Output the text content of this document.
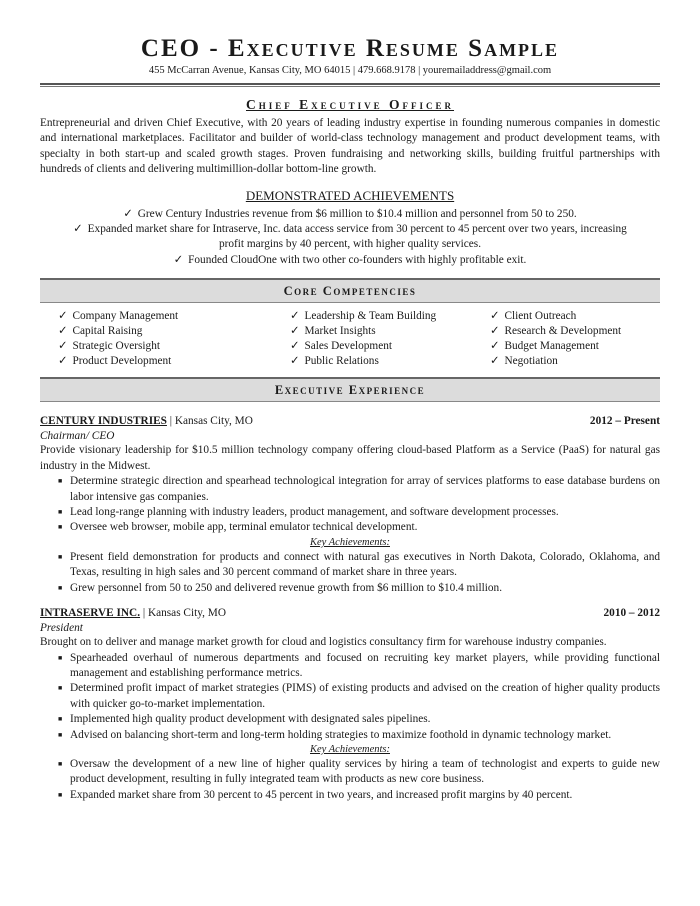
CEO - Executive Resume Sample
455 McCarran Avenue, Kansas City, MO 64015 | 479.668.9178 | youremailaddress@gmail.com
Chief Executive Officer
Entrepreneurial and driven Chief Executive, with 20 years of leading industry expertise in founding numerous companies in domestic and international marketplaces. Facilitator and builder of world-class technology management and product development teams, with specialty in both start-up and scaled growth stages. Proven fundraising and networking skills, building fruitful partnerships with hundreds of clients and delivering multimillion-dollar bottom-line growth.
DEMONSTRATED ACHIEVEMENTS
✓ Grew Century Industries revenue from $6 million to $10.4 million and personnel from 50 to 250.
✓ Expanded market share for Intraserve, Inc. data access service from 30 percent to 45 percent over two years, increasing profit margins by 40 percent, with higher quality services.
✓ Founded CloudOne with two other co-founders with highly profitable exit.
Core Competencies
✓ Company Management
✓ Capital Raising
✓ Strategic Oversight
✓ Product Development
✓ Leadership & Team Building
✓ Market Insights
✓ Sales Development
✓ Public Relations
✓ Client Outreach
✓ Research & Development
✓ Budget Management
✓ Negotiation
Executive Experience
CENTURY INDUSTRIES | Kansas City, MO	2012 – Present
Chairman/ CEO
Provide visionary leadership for $10.5 million technology company offering cloud-based Platform as a Service (PaaS) for natural gas industry in the Midwest.
■ Determine strategic direction and spearhead technological integration for array of services platforms to ease database burdens on labor intensive gas companies.
■ Lead long-range planning with industry leaders, product management, and software development processes.
■ Oversee web browser, mobile app, terminal emulator technical development.
Key Achievements:
■ Present field demonstration for products and connect with natural gas executives in North Dakota, Colorado, Oklahoma, and Texas, resulting in high sales and 30 percent command of market share in three years.
■ Grew personnel from 50 to 250 and delivered revenue growth from $6 million to $10.4 million.
INTRASERVE INC. | Kansas City, MO	2010 – 2012
President
Brought on to deliver and manage market growth for cloud and logistics consultancy firm for warehouse industry companies.
■ Spearheaded overhaul of numerous departments and focused on recruiting key market players, while providing functional management and establishing performance metrics.
■ Determined profit impact of market strategies (PIMS) of existing products and advised on the creation of higher quality products with quicker go-to-market implementation.
■ Implemented high quality product development with designated sales pipelines.
■ Advised on balancing short-term and long-term holding strategies to maximize foothold in dynamic technology market.
Key Achievements:
■ Oversaw the development of a new line of higher quality services by hiring a team of technologist and experts to guide new product development, resulting in fully integrated team with products as new core business.
■ Expanded market share from 30 percent to 45 percent in two years, and increased profit margins by 40 percent.
